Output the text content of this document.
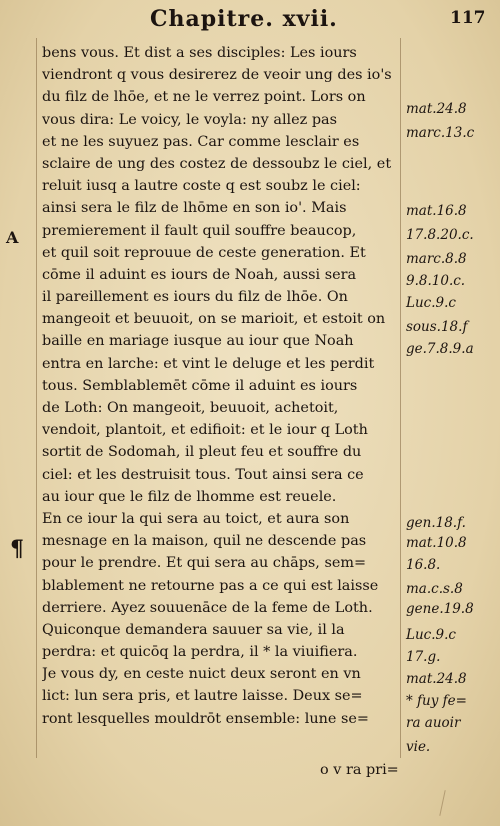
Chapitre. xvii.	117
A
¶
bens vous. Et dist a ses disciples: Les iours
viendront q vous desirerez de veoir ung des io's
du filz de lhōe, et ne le verrez point. Lors on
vous dira: Le voicy, le voyla: ny allez pas
et ne les suyuez pas. Car comme lesclair es
sclaire de ung des costez de dessoubz le ciel, et
reluit iusq a lautre coste q est soubz le ciel:
ainsi sera le filz de lhōme en son io'. Mais
premierement il fault quil souffre beaucop,
et quil soit reprouue de ceste generation. Et
cōme il aduint es iours de Noah, aussi sera
il pareillement es iours du filz de lhōe. On
mangeoit et beuuoit, on se marioit, et estoit on
baille en mariage iusque au iour que Noah
entra en larche: et vint le deluge et les perdit
tous. Semblablemēt cōme il aduint es iours
de Loth: On mangeoit, beuuoit, achetoit,
vendoit, plantoit, et edifioit: et le iour q Loth
sortit de Sodomah, il pleut feu et souffre du
ciel: et les destruisit tous. Tout ainsi sera ce
au iour que le filz de lhomme est reuele.
En ce iour la qui sera au toict, et aura son
mesnage en la maison, quil ne descende pas
pour le prendre. Et qui sera au chāps, sem=
blablement ne retourne pas a ce qui est laisse
derriere. Ayez souuenāce de la feme de Loth.
Quiconque demandera sauuer sa vie, il la
perdra: et quicōq la perdra, il * la viuifiera.
Je vous dy, en ceste nuict deux seront en vn
lict: lun sera pris, et lautre laisse. Deux se=
ront lesquelles mouldrōt ensemble: lune se=
mat.24.8
marc.13.c
mat.16.8
17.8.20.c.
marc.8.8
9.8.10.c.
Luc.9.c
sous.18.f
ge.7.8.9.a
gen.18.f.
mat.10.8
16.8.
ma.c.s.8
gene.19.8
Luc.9.c
17.g.
mat.24.8
* fuy fe=
ra auoir
vie.
o v ra pri=
